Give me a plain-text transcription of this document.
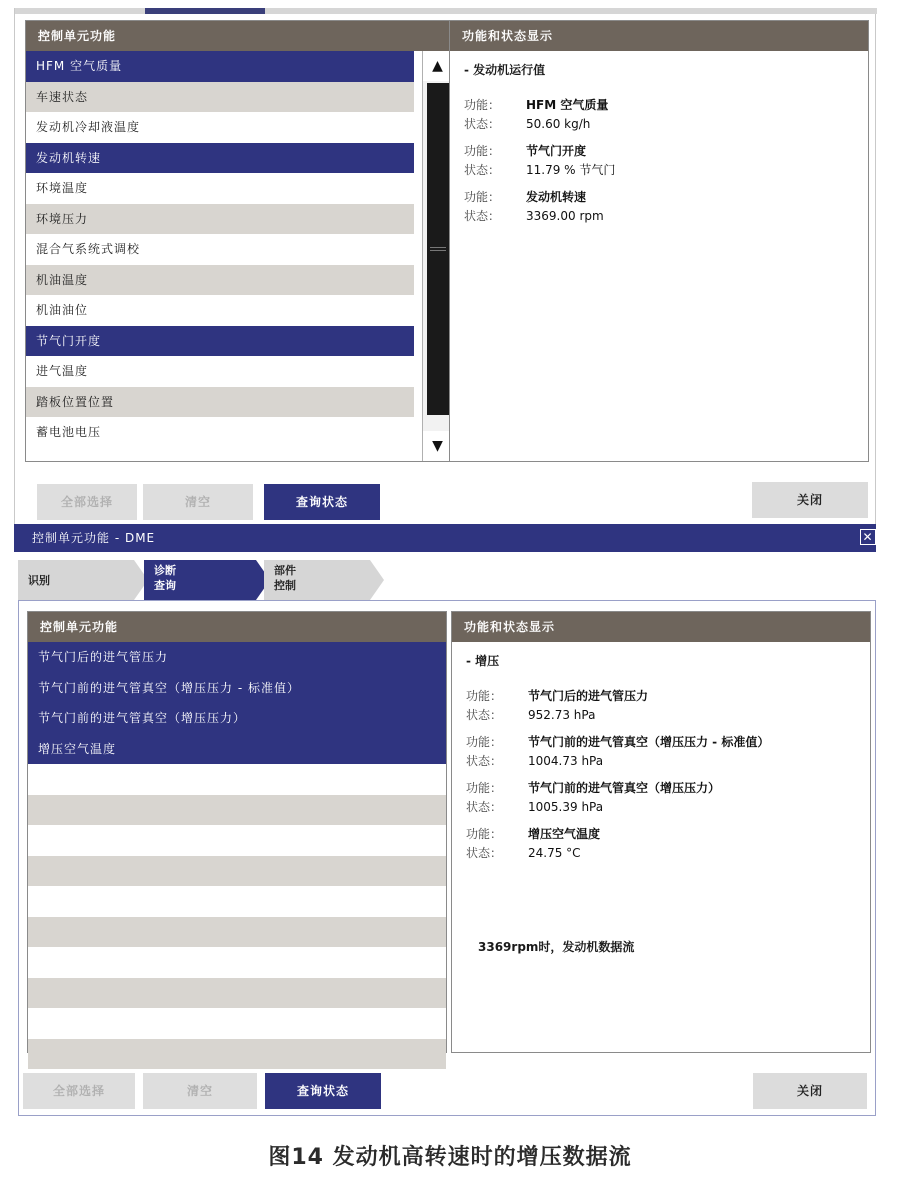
控制单元功能
HFM 空气质量
车速状态
发动机冷却液温度
发动机转速
环境温度
环境压力
混合气系统式调校
机油温度
机油油位
节气门开度
进气温度
踏板位置位置
蓄电池电压
▲
▼
功能和状态显示
- 发动机运行值
功能：	HFM 空气质量
状态：	50.60 kg/h
功能：	节气门开度
状态：	11.79 % 节气门
功能：	发动机转速
状态：	3369.00 rpm
全部选择	清空	查询状态	关闭
控制单元功能 - DME	✕
识别
诊断
查询
部件
控制
控制单元功能
节气门后的进气管压力
节气门前的进气管真空（增压压力 - 标准值）
节气门前的进气管真空（增压压力）
增压空气温度
功能和状态显示
- 增压
功能：	节气门后的进气管压力
状态：	952.73 hPa
功能：	节气门前的进气管真空（增压压力 - 标准值）
状态：	1004.73 hPa
功能：	节气门前的进气管真空（增压压力）
状态：	1005.39 hPa
功能：	增压空气温度
状态：	24.75 °C
3369rpm时，发动机数据流
全部选择	清空	查询状态	关闭
图14 发动机高转速时的增压数据流
